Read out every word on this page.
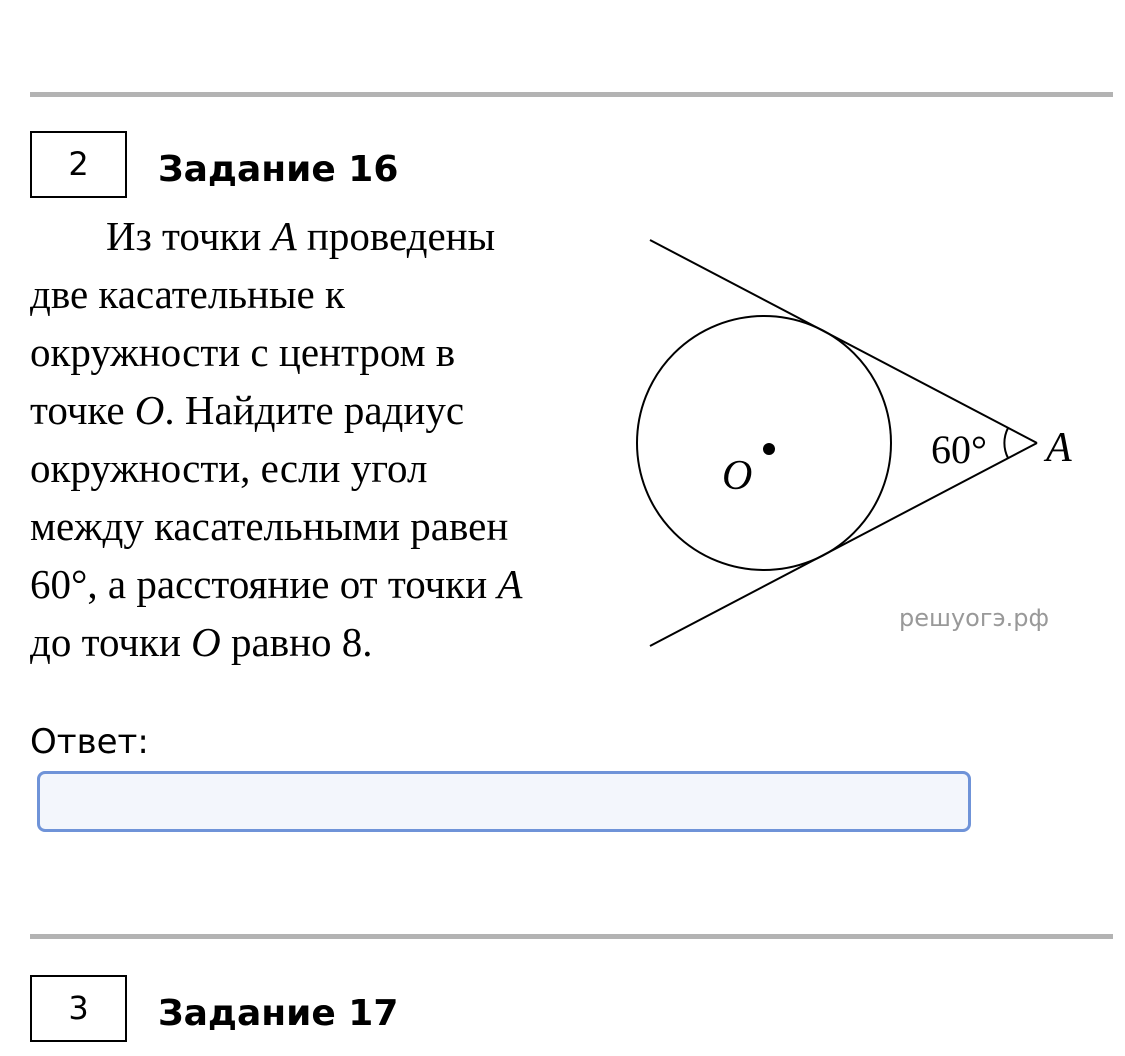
2	Задание 16

Из точки A проведены
две касательные к
окружности с центром в
точке O. Найдите радиус
окружности, если угол
между касательными равен
60°, а расстояние от точки A
до точки O равно 8.

60° A
O
решуогэ.рф
Ответ:
3	Задание 17
